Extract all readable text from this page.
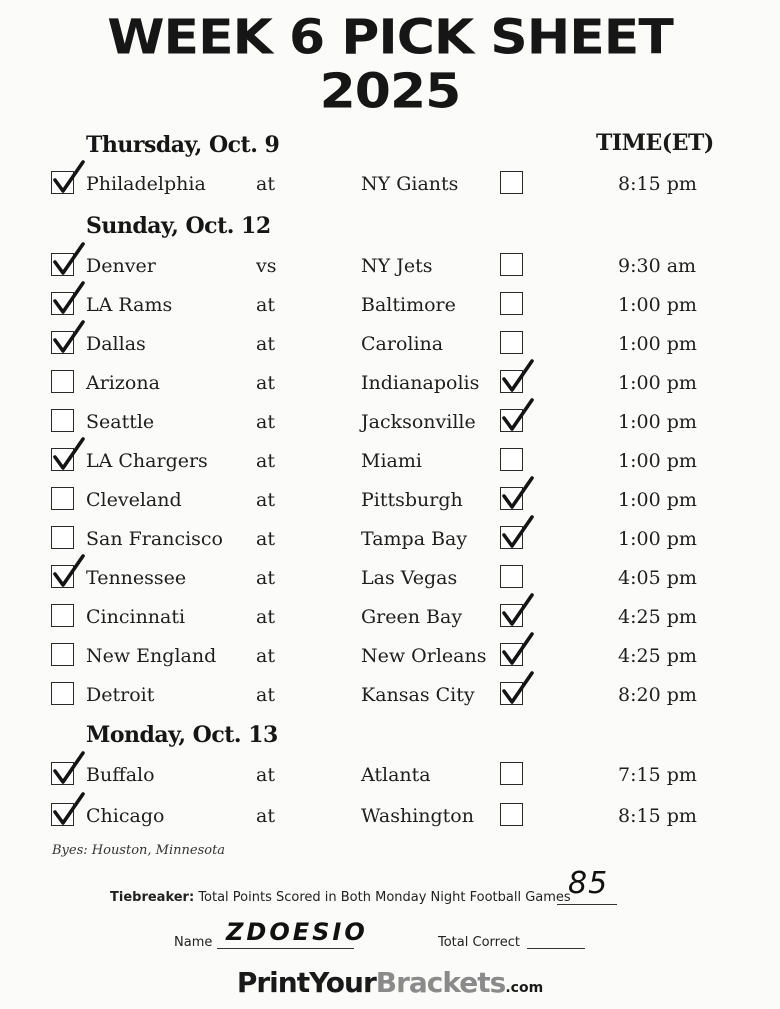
WEEK 6 PICK SHEET
2025
TIME(ET)
Thursday, Oct. 9
Philadelphia	at	NY Giants	8:15 pm
Sunday, Oct. 12
Denver	vs	NY Jets	9:30 am
LA Rams	at	Baltimore	1:00 pm
Dallas	at	Carolina	1:00 pm
Arizona	at	Indianapolis	1:00 pm
Seattle	at	Jacksonville	1:00 pm
LA Chargers	at	Miami	1:00 pm
Cleveland	at	Pittsburgh	1:00 pm
San Francisco at	Tampa Bay	1:00 pm
Tennessee	at	Las Vegas	4:05 pm
Cincinnati	at	Green Bay	4:25 pm
New England at	New Orleans	4:25 pm
Detroit	at	Kansas City	8:20 pm
Monday, Oct. 13
Buffalo	at	Atlanta	7:15 pm
Chicago	at	Washington	8:15 pm
Byes: Houston, Minnesota
Tiebreaker: Total Points Scored in Both Monday Night Football Games
85
Name ZDOESIO	Total Correct
PrintYourBrackets.com
